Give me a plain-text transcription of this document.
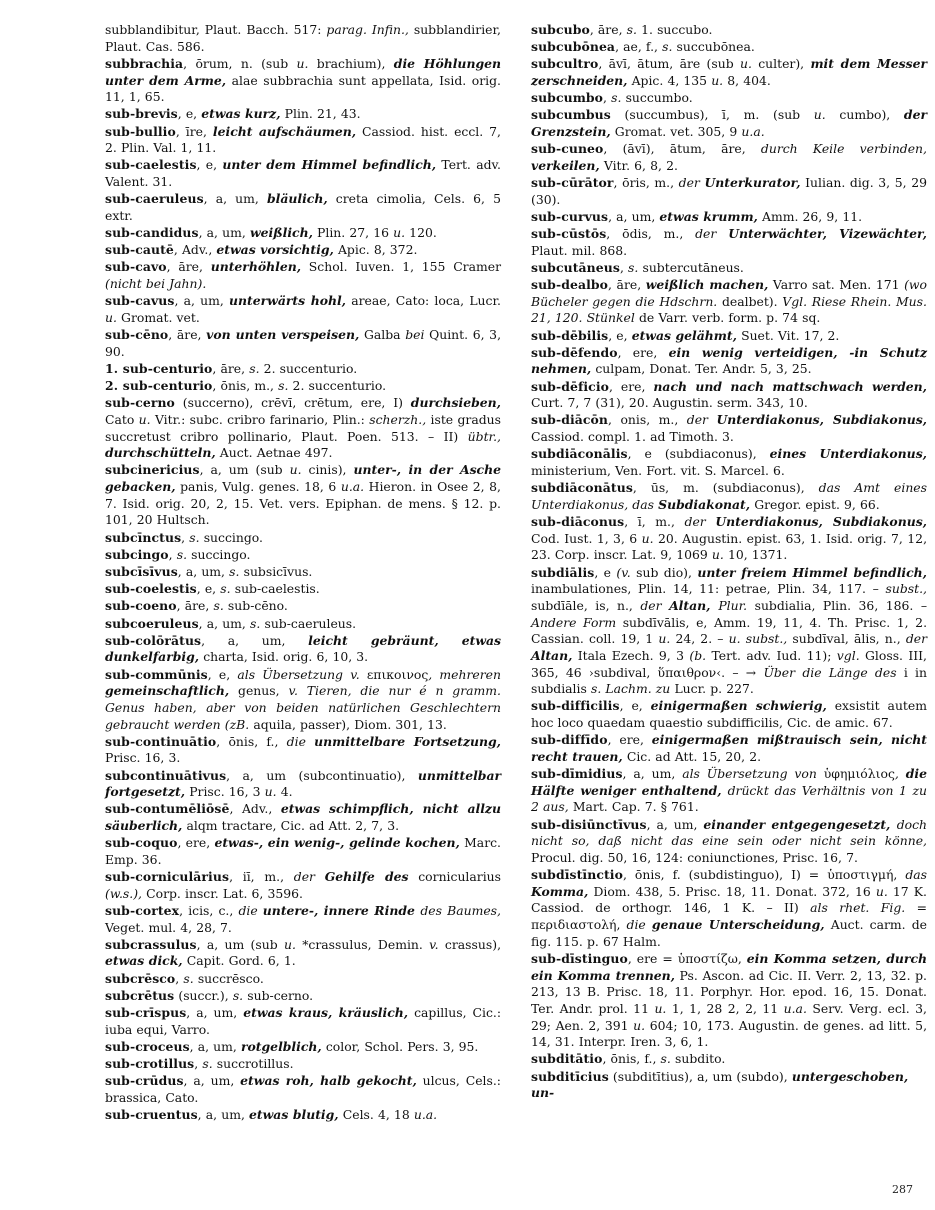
subblandibitur, Plaut. Bacch. 517: parag. Infin., subblandirier, Plaut. Cas. 586.

subbrachia, ōrum, n. (sub u. brachium), die Höhlungen unter dem Arme, alae subbrachia sunt appellata, Isid. orig. 11, 1, 65.

sub-brevis, e, etwas kurz, Plin. 21, 43.

sub-bullio, īre, leicht aufschäumen, Cassiod. hist. eccl. 7, 2. Plin. Val. 1, 11.

sub-caelestis, e, unter dem Himmel befindlich, Tert. adv. Valent. 31.

sub-caeruleus, a, um, bläulich, creta cimolia, Cels. 6, 5 extr.

sub-candidus, a, um, weißlich, Plin. 27, 16 u. 120.

sub-cautē, Adv., etwas vorsichtig, Apic. 8, 372.

sub-cavo, āre, unterhöhlen, Schol. Iuven. 1, 155 Cramer (nicht bei Jahn).

sub-cavus, a, um, unterwärts hohl, areae, Cato: loca, Lucr. u. Gromat. vet.

sub-cēno, āre, von unten verspeisen, Galba bei Quint. 6, 3, 90.

1. sub-centurio, āre, s. 2. succenturio.

2. sub-centurio, ōnis, m., s. 2. succenturio.

sub-cerno (succerno), crēvī, crētum, ere, I) durchsieben, Cato u. Vitr.: subc. cribro farinario, Plin.: scherzh., iste gradus succretust cribro pollinario, Plaut. Poen. 513. – II) übtr., durchschütteln, Auct. Aetnae 497.

subcinericius, a, um (sub u. cinis), unter-, in der Asche gebacken, panis, Vulg. genes. 18, 6 u.a. Hieron. in Osee 2, 8, 7. Isid. orig. 20, 2, 15. Vet. vers. Epiphan. de mens. § 12. p. 101, 20 Hultsch.

subcīnctus, s. succingo.

subcingo, s. succingo.

subcīsīvus, a, um, s. subsicīvus.

sub-coelestis, e, s. sub-caelestis.

sub-coeno, āre, s. sub-cēno.

subcoeruleus, a, um, s. sub-caeruleus.

sub-colōrātus, a, um, leicht gebräunt, etwas dunkelfarbig, charta, Isid. orig. 6, 10, 3.

sub-commūnis, e, als Übersetzung v. επικοινος, mehreren gemeinschaftlich, genus, v. Tieren, die nur é n gramm. Genus haben, aber von beiden natürlichen Geschlechtern gebraucht werden (zB. aquila, passer), Diom. 301, 13.

sub-continuātio, ōnis, f., die unmittelbare Fortsetzung, Prisc. 16, 3.

subcontinuātivus, a, um (subcontinuatio), unmittelbar fortgesetzt, Prisc. 16, 3 u. 4.

sub-contumēliōsē, Adv., etwas schimpflich, nicht allzu säuberlich, alqm tractare, Cic. ad Att. 2, 7, 3.

sub-coquo, ere, etwas-, ein wenig-, gelinde kochen, Marc. Emp. 36.

sub-corniculārius, iī, m., der Gehilfe des cornicularius (w.s.), Corp. inscr. Lat. 6, 3596.

sub-cortex, icis, c., die untere-, innere Rinde des Baumes, Veget. mul. 4, 28, 7.

subcrassulus, a, um (sub u. *crassulus, Demin. v. crassus), etwas dick, Capit. Gord. 6, 1.

subcrēsco, s. succrēsco.

subcrētus (succr.), s. sub-cerno.

sub-crīspus, a, um, etwas kraus, kräuslich, capillus, Cic.: iuba equi, Varro.

sub-croceus, a, um, rotgelblich, color, Schol. Pers. 3, 95.

sub-crotillus, s. succrotillus.

sub-crūdus, a, um, etwas roh, halb gekocht, ulcus, Cels.: brassica, Cato.

sub-cruentus, a, um, etwas blutig, Cels. 4, 18 u.a.

subcubo, āre, s. 1. succubo.

subcubōnea, ae, f., s. succubōnea.

subcultro, āvī, ātum, āre (sub u. culter), mit dem Messer zerschneiden, Apic. 4, 135 u. 8, 404.

subcumbo, s. succumbo.

subcumbus (succumbus), ī, m. (sub u. cumbo), der Grenzstein, Gromat. vet. 305, 9 u.a.

sub-cuneo, (āvī), ātum, āre, durch Keile verbinden, verkeilen, Vitr. 6, 8, 2.

sub-cūrātor, ōris, m., der Unterkurator, Iulian. dig. 3, 5, 29 (30).

sub-curvus, a, um, etwas krumm, Amm. 26, 9, 11.

sub-cūstōs, ōdis, m., der Unterwächter, Vizewächter, Plaut. mil. 868.

subcutāneus, s. subtercutāneus.

sub-dealbo, āre, weißlich machen, Varro sat. Men. 171 (wo Bücheler gegen die Hdschrn. dealbet). Vgl. Riese Rhein. Mus. 21, 120. Stünkel de Varr. verb. form. p. 74 sq.

sub-dēbilis, e, etwas gelähmt, Suet. Vit. 17, 2.

sub-dēfendo, ere, ein wenig verteidigen, -in Schutz nehmen, culpam, Donat. Ter. Andr. 5, 3, 25.

sub-dēficio, ere, nach und nach mattschwach werden, Curt. 7, 7 (31), 20. Augustin. serm. 343, 10.

sub-diācōn, onis, m., der Unterdiakonus, Subdiakonus, Cassiod. compl. 1. ad Timoth. 3.

subdiāconālis, e (subdiaconus), eines Unterdiakonus, ministerium, Ven. Fort. vit. S. Marcel. 6.

subdiāconātus, ūs, m. (subdiaconus), das Amt eines Unterdiakonus, das Subdiakonat, Gregor. epist. 9, 66.

sub-diāconus, ī, m., der Unterdiakonus, Subdiakonus, Cod. Iust. 1, 3, 6 u. 20. Augustin. epist. 63, 1. Isid. orig. 7, 12, 23. Corp. inscr. Lat. 9, 1069 u. 10, 1371.

subdiālis, e (v. sub dio), unter freiem Himmel befindlich, inambulationes, Plin. 14, 11: petrae, Plin. 34, 117. – subst., subdīāle, is, n., der Altan, Plur. subdialia, Plin. 36, 186. – Andere Form subdīvālis, e, Amm. 19, 11, 4. Th. Prisc. 1, 2. Cassian. coll. 19, 1 u. 24, 2. – u. subst., subdīval, ālis, n., der Altan, Itala Ezech. 9, 3 (b. Tert. adv. Iud. 11); vgl. Gloss. III, 365, 46 ›subdival, ὕπαιθρον‹. – → Über die Länge des i in subdialis s. Lachm. zu Lucr. p. 227.

sub-difficilis, e, einigermaßen schwierig, exsistit autem hoc loco quaedam quaestio subdifficilis, Cic. de amic. 67.

sub-diffīdo, ere, einigermaßen mißtrauisch sein, nicht recht trauen, Cic. ad Att. 15, 20, 2.

sub-dīmidius, a, um, als Übersetzung von ὑφημιόλιος, die Hälfte weniger enthaltend, drückt das Verhältnis von 1 zu 2 aus, Mart. Cap. 7. § 761.

sub-disiūnctīvus, a, um, einander entgegengesetzt, doch nicht so, daß nicht das eine sein oder nicht sein könne, Procul. dig. 50, 16, 124: coniunctiones, Prisc. 16, 7.

subdīstīnctio, ōnis, f. (subdistinguo), I) = ὑποστιγμή, das Komma, Diom. 438, 5. Prisc. 18, 11. Donat. 372, 16 u. 17 K. Cassiod. de orthogr. 146, 1 K. – II) als rhet. Fig. = περιδιαστολή, die genaue Unterscheidung, Auct. carm. de fig. 115. p. 67 Halm.

sub-dīstinguo, ere = ὑποστίζω, ein Komma setzen, durch ein Komma trennen, Ps. Ascon. ad Cic. II. Verr. 2, 13, 32. p. 213, 13 B. Prisc. 18, 11. Porphyr. Hor. epod. 16, 15. Donat. Ter. Andr. prol. 11 u. 1, 1, 28 2, 2, 11 u.a. Serv. Verg. ecl. 3, 29; Aen. 2, 391 u. 604; 10, 173. Augustin. de genes. ad litt. 5, 14, 31. Interpr. Iren. 3, 6, 1.

subditātio, ōnis, f., s. subdito.

subditīcius (subditītius), a, um (subdo), untergeschoben, un-

287
